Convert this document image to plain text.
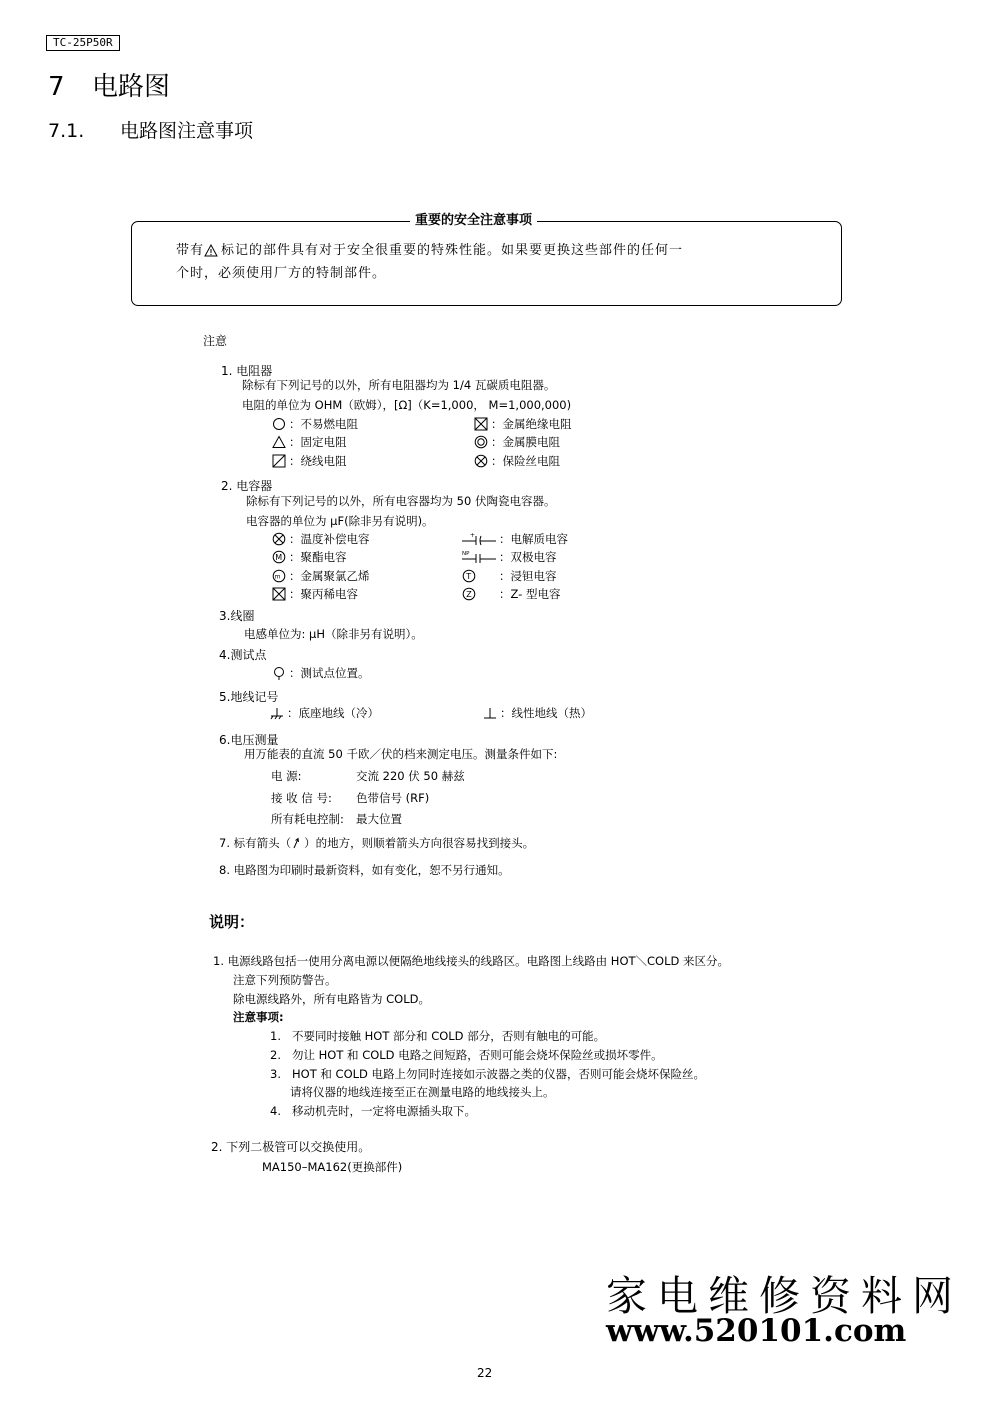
TC-25P50R
7 电路图
7.1. 电路图注意事项
重要的安全注意事项
带有 标记的部件具有对于安全很重要的特殊性能。如果要更换这些部件的任何一
个时，必须使用厂方的特制部件。
注意
1. 电阻器
除标有下列记号的以外，所有电阻器均为 1/4 瓦碳质电阻器。
电阻的单位为 OHM（欧姆），[Ω]（K=1,000， M=1,000,000)
：不易燃电阻	：金属绝缘电阻
：固定电阻	：金属膜电阻
：绕线电阻	：保险丝电阻
2. 电容器
除标有下列记号的以外，所有电容器均为 50 伏陶瓷电容器。
电容器的单位为 μF(除非另有说明)。
：温度补偿电容	+ ：电解质电容
M ：聚酯电容	NP	：双极电容
m ：金属聚氯乙烯	T ：浸钽电容
：聚丙稀电容	Z ：Z- 型电容
3.线圈
电感单位为: μH（除非另有说明）。
4.测试点
：测试点位置。
5.地线记号
：底座地线（冷）	：线性地线（热）
6.电压测量
用万能表的直流 50 千欧／伏的档来测定电压。测量条件如下:
电 源:	交流 220 伏 50 赫兹
接 收 信 号: 色带信号 (RF)
所有耗电控制: 最大位置
7. 标有箭头（ ）的地方，则顺着箭头方向很容易找到接头。
8. 电路图为印刷时最新资料，如有变化，恕不另行通知。
说明：
1. 电源线路包括一使用分离电源以便隔绝地线接头的线路区。电路图上线路由 HOT＼COLD 来区分。
注意下列预防警告。
除电源线路外，所有电路皆为 COLD。
注意事项:
1. 不要同时接触 HOT 部分和 COLD 部分，否则有触电的可能。
2. 勿让 HOT 和 COLD 电路之间短路，否则可能会烧坏保险丝或损坏零件。
3. HOT 和 COLD 电路上勿同时连接如示波器之类的仪器，否则可能会烧坏保险丝。
请将仪器的地线连接至正在测量电路的地线接头上。
4. 移动机壳时，一定将电源插头取下。
2. 下列二极管可以交换使用。
MA150–MA162(更换部件)
家电维修资料网
www.520101.com
22
